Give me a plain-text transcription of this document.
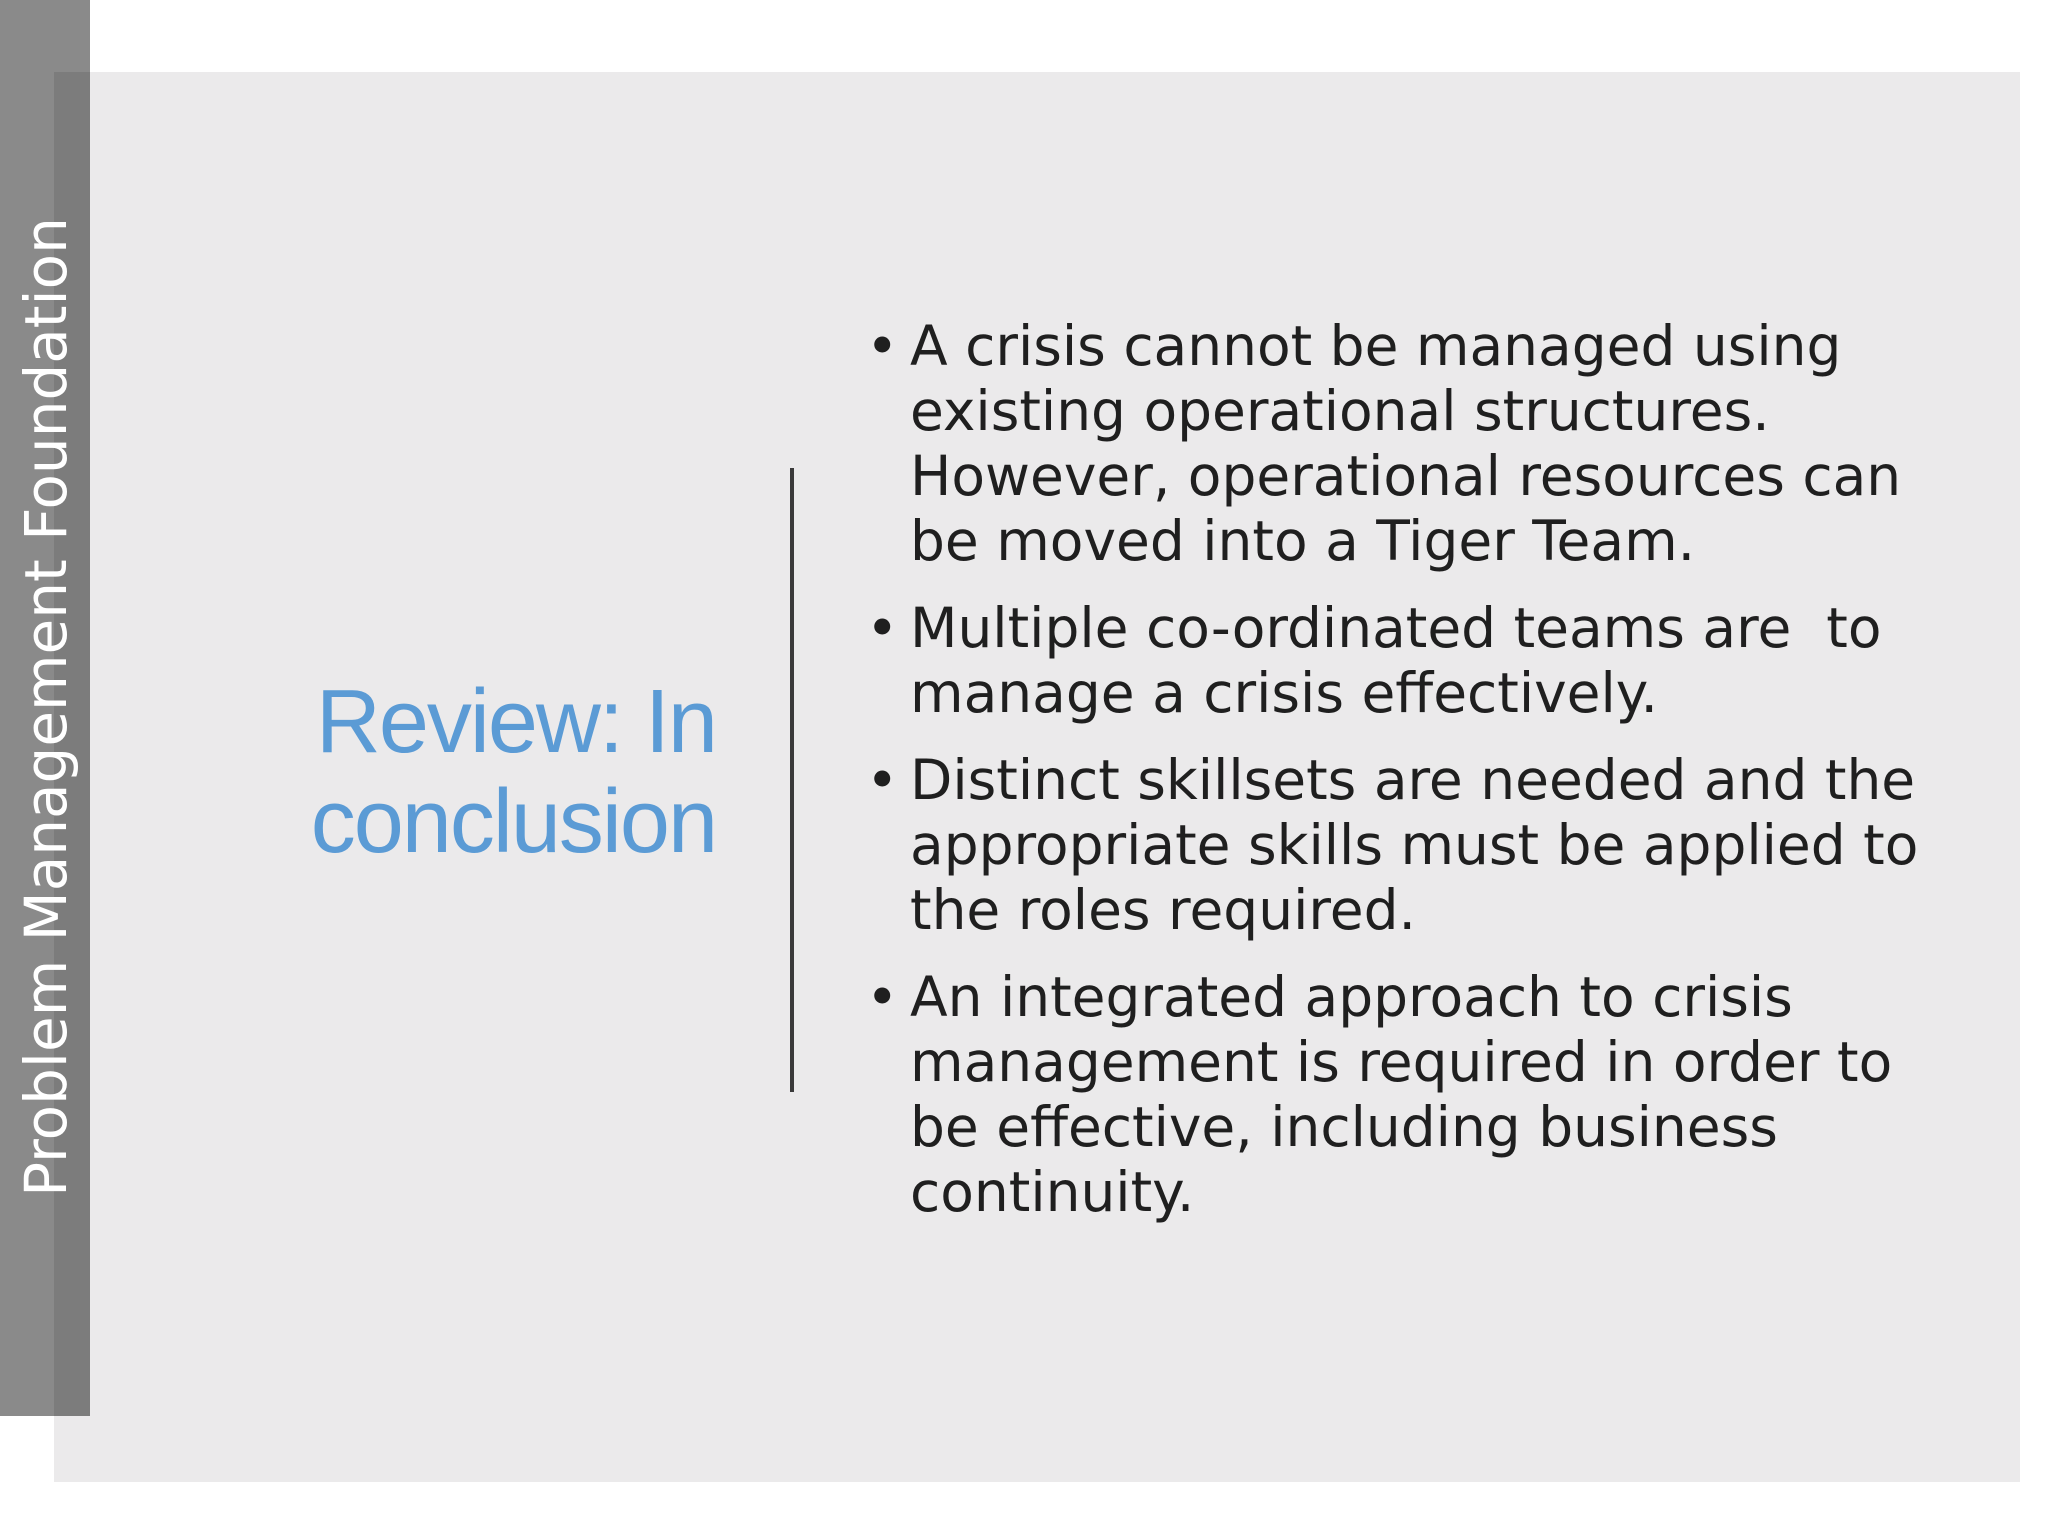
Problem Management Foundation	Review: In conclusion
• A crisis cannot be managed using existing operational structures. However, operational resources can be moved into a Tiger Team.
• Multiple co-ordinated teams are  to manage a crisis effectively.
• Distinct skillsets are needed and the appropriate skills must be applied to the roles required.
• An integrated approach to crisis management is required in order to be effective, including business continuity.
